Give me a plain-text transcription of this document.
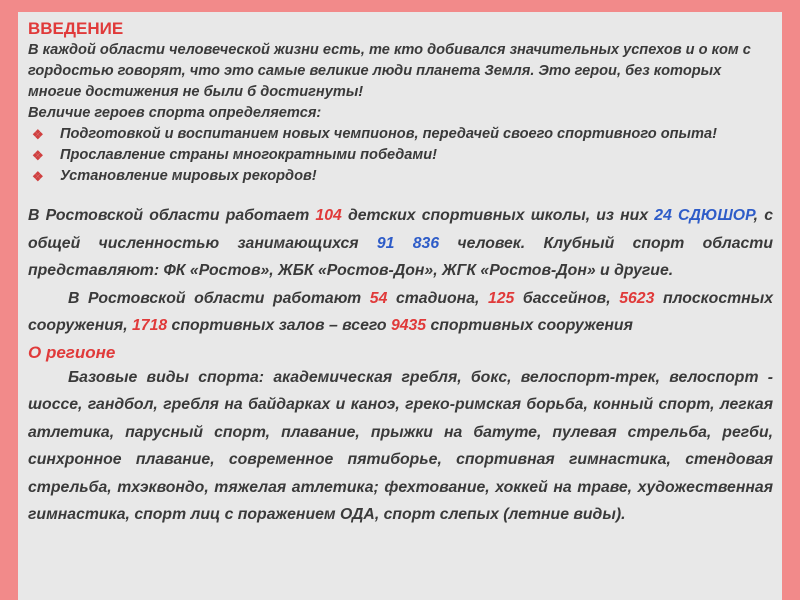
ВВЕДЕНИЕ
В каждой области человеческой жизни есть, те кто добивался значительных успехов и о ком с гордостью говорят, что это самые великие люди планета Земля. Это герои, без которых многие достижения не были б достигнуты!
Величие героев спорта определяется:
❖ Подготовкой и воспитанием новых чемпионов, передачей своего спортивного опыта!
❖ Прославление страны многократными победами!
❖ Установление мировых рекордов!

В Ростовской области работает 104 детских спортивных школы, из них 24 СДЮШОР, с общей численностью занимающихся 91 836 человек. Клубный спорт области представляют: ФК «Ростов», ЖБК «Ростов-Дон», ЖГК «Ростов-Дон» и другие.

В Ростовской области работают 54 стадиона, 125 бассейнов, 5623 плоскостных сооружения, 1718 спортивных залов – всего 9435 спортивных сооружения

О регионе

Базовые виды спорта: академическая гребля, бокс, велоспорт-трек, велоспорт - шоссе, гандбол, гребля на байдарках и каноэ, греко-римская борьба, конный спорт, легкая атлетика, парусный спорт, плавание, прыжки на батуте, пулевая стрельба, регби, синхронное плавание, современное пятиборье, спортивная гимнастика, стендовая стрельба, тхэквондо, тяжелая атлетика; фехтование, хоккей на траве, художественная гимнастика, спорт лиц с поражением ОДА, спорт слепых (летние виды).
